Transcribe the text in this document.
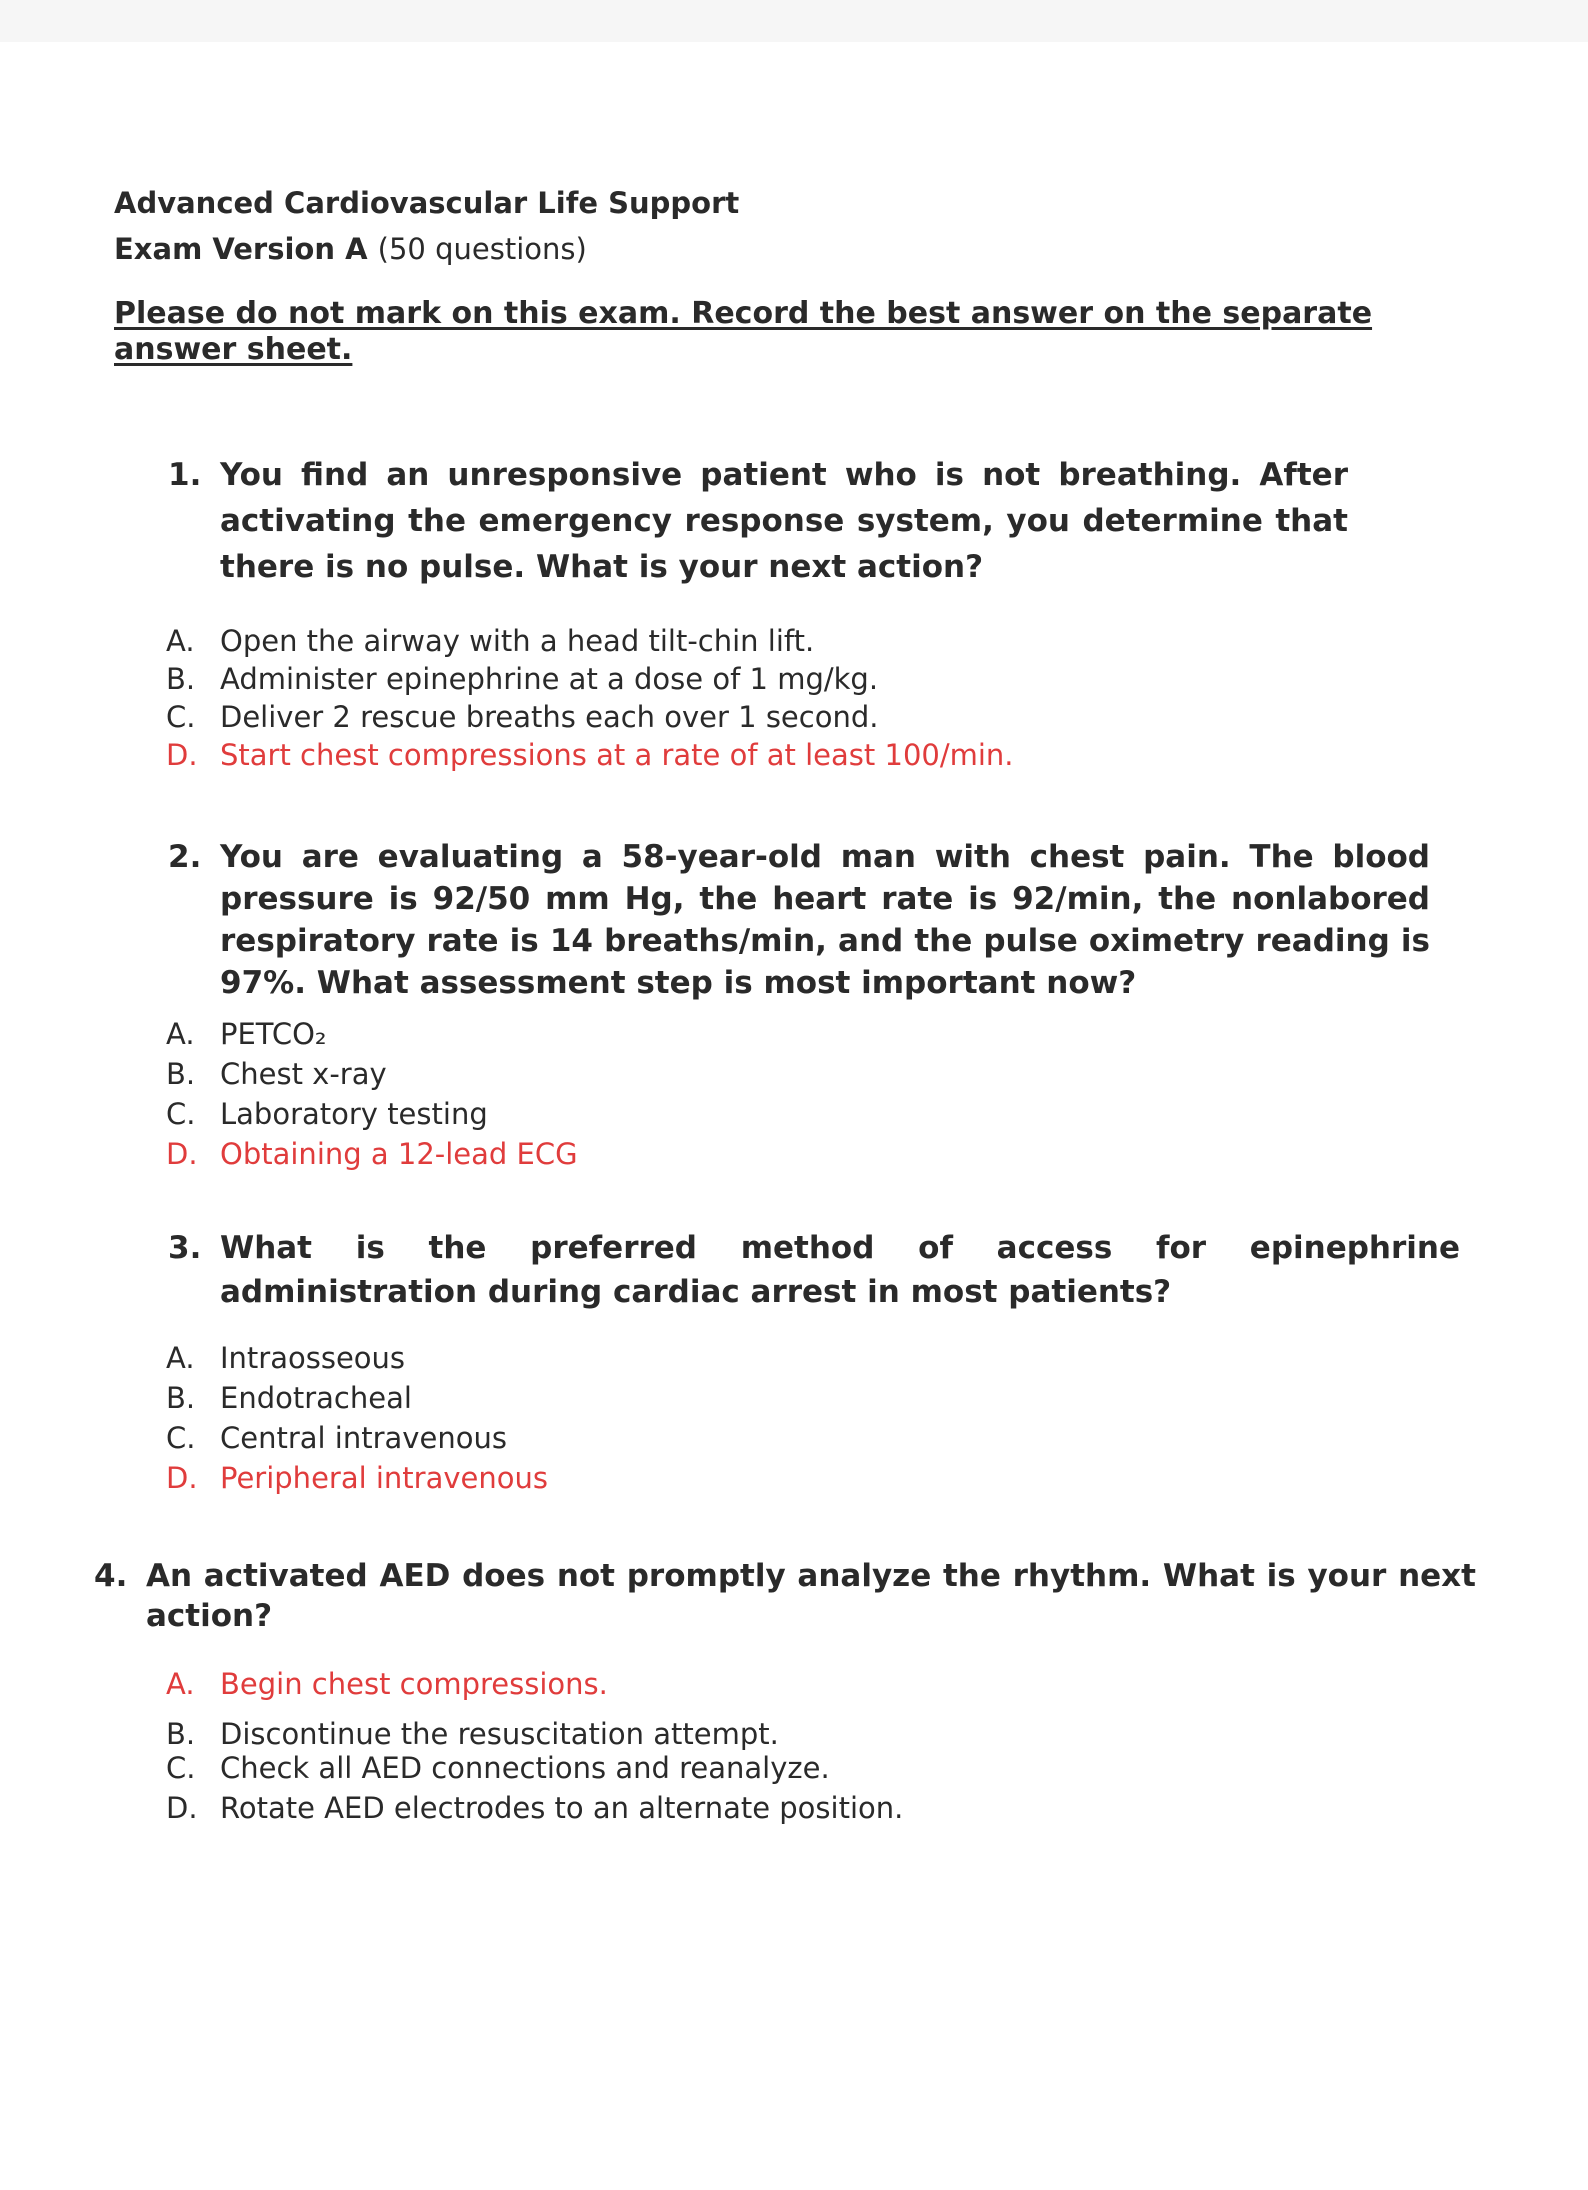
Advanced Cardiovascular Life Support
Exam Version A (50 questions)
Please do not mark on this exam. Record the best answer on the separate answer sheet.
1. You find an unresponsive patient who is not breathing. After activating the emergency response system, you determine that there is no pulse. What is your next action?
A. Open the airway with a head tilt-chin lift.
B. Administer epinephrine at a dose of 1 mg/kg.
C. Deliver 2 rescue breaths each over 1 second.
D. Start chest compressions at a rate of at least 100/min.
2. You are evaluating a 58-year-old man with chest pain. The blood pressure is 92/50 mm Hg, the heart rate is 92/min, the nonlabored respiratory rate is 14 breaths/min, and the pulse oximetry reading is 97%. What assessment step is most important now?
A. PETCO₂
B. Chest x-ray
C. Laboratory testing
D. Obtaining a 12-lead ECG
3. What is the preferred method of access for epinephrine administration during cardiac arrest in most patients?
A. Intraosseous
B. Endotracheal
C. Central intravenous
D. Peripheral intravenous
4. An activated AED does not promptly analyze the rhythm. What is your next action?
A. Begin chest compressions.
B. Discontinue the resuscitation attempt.
C. Check all AED connections and reanalyze.
D. Rotate AED electrodes to an alternate position.
